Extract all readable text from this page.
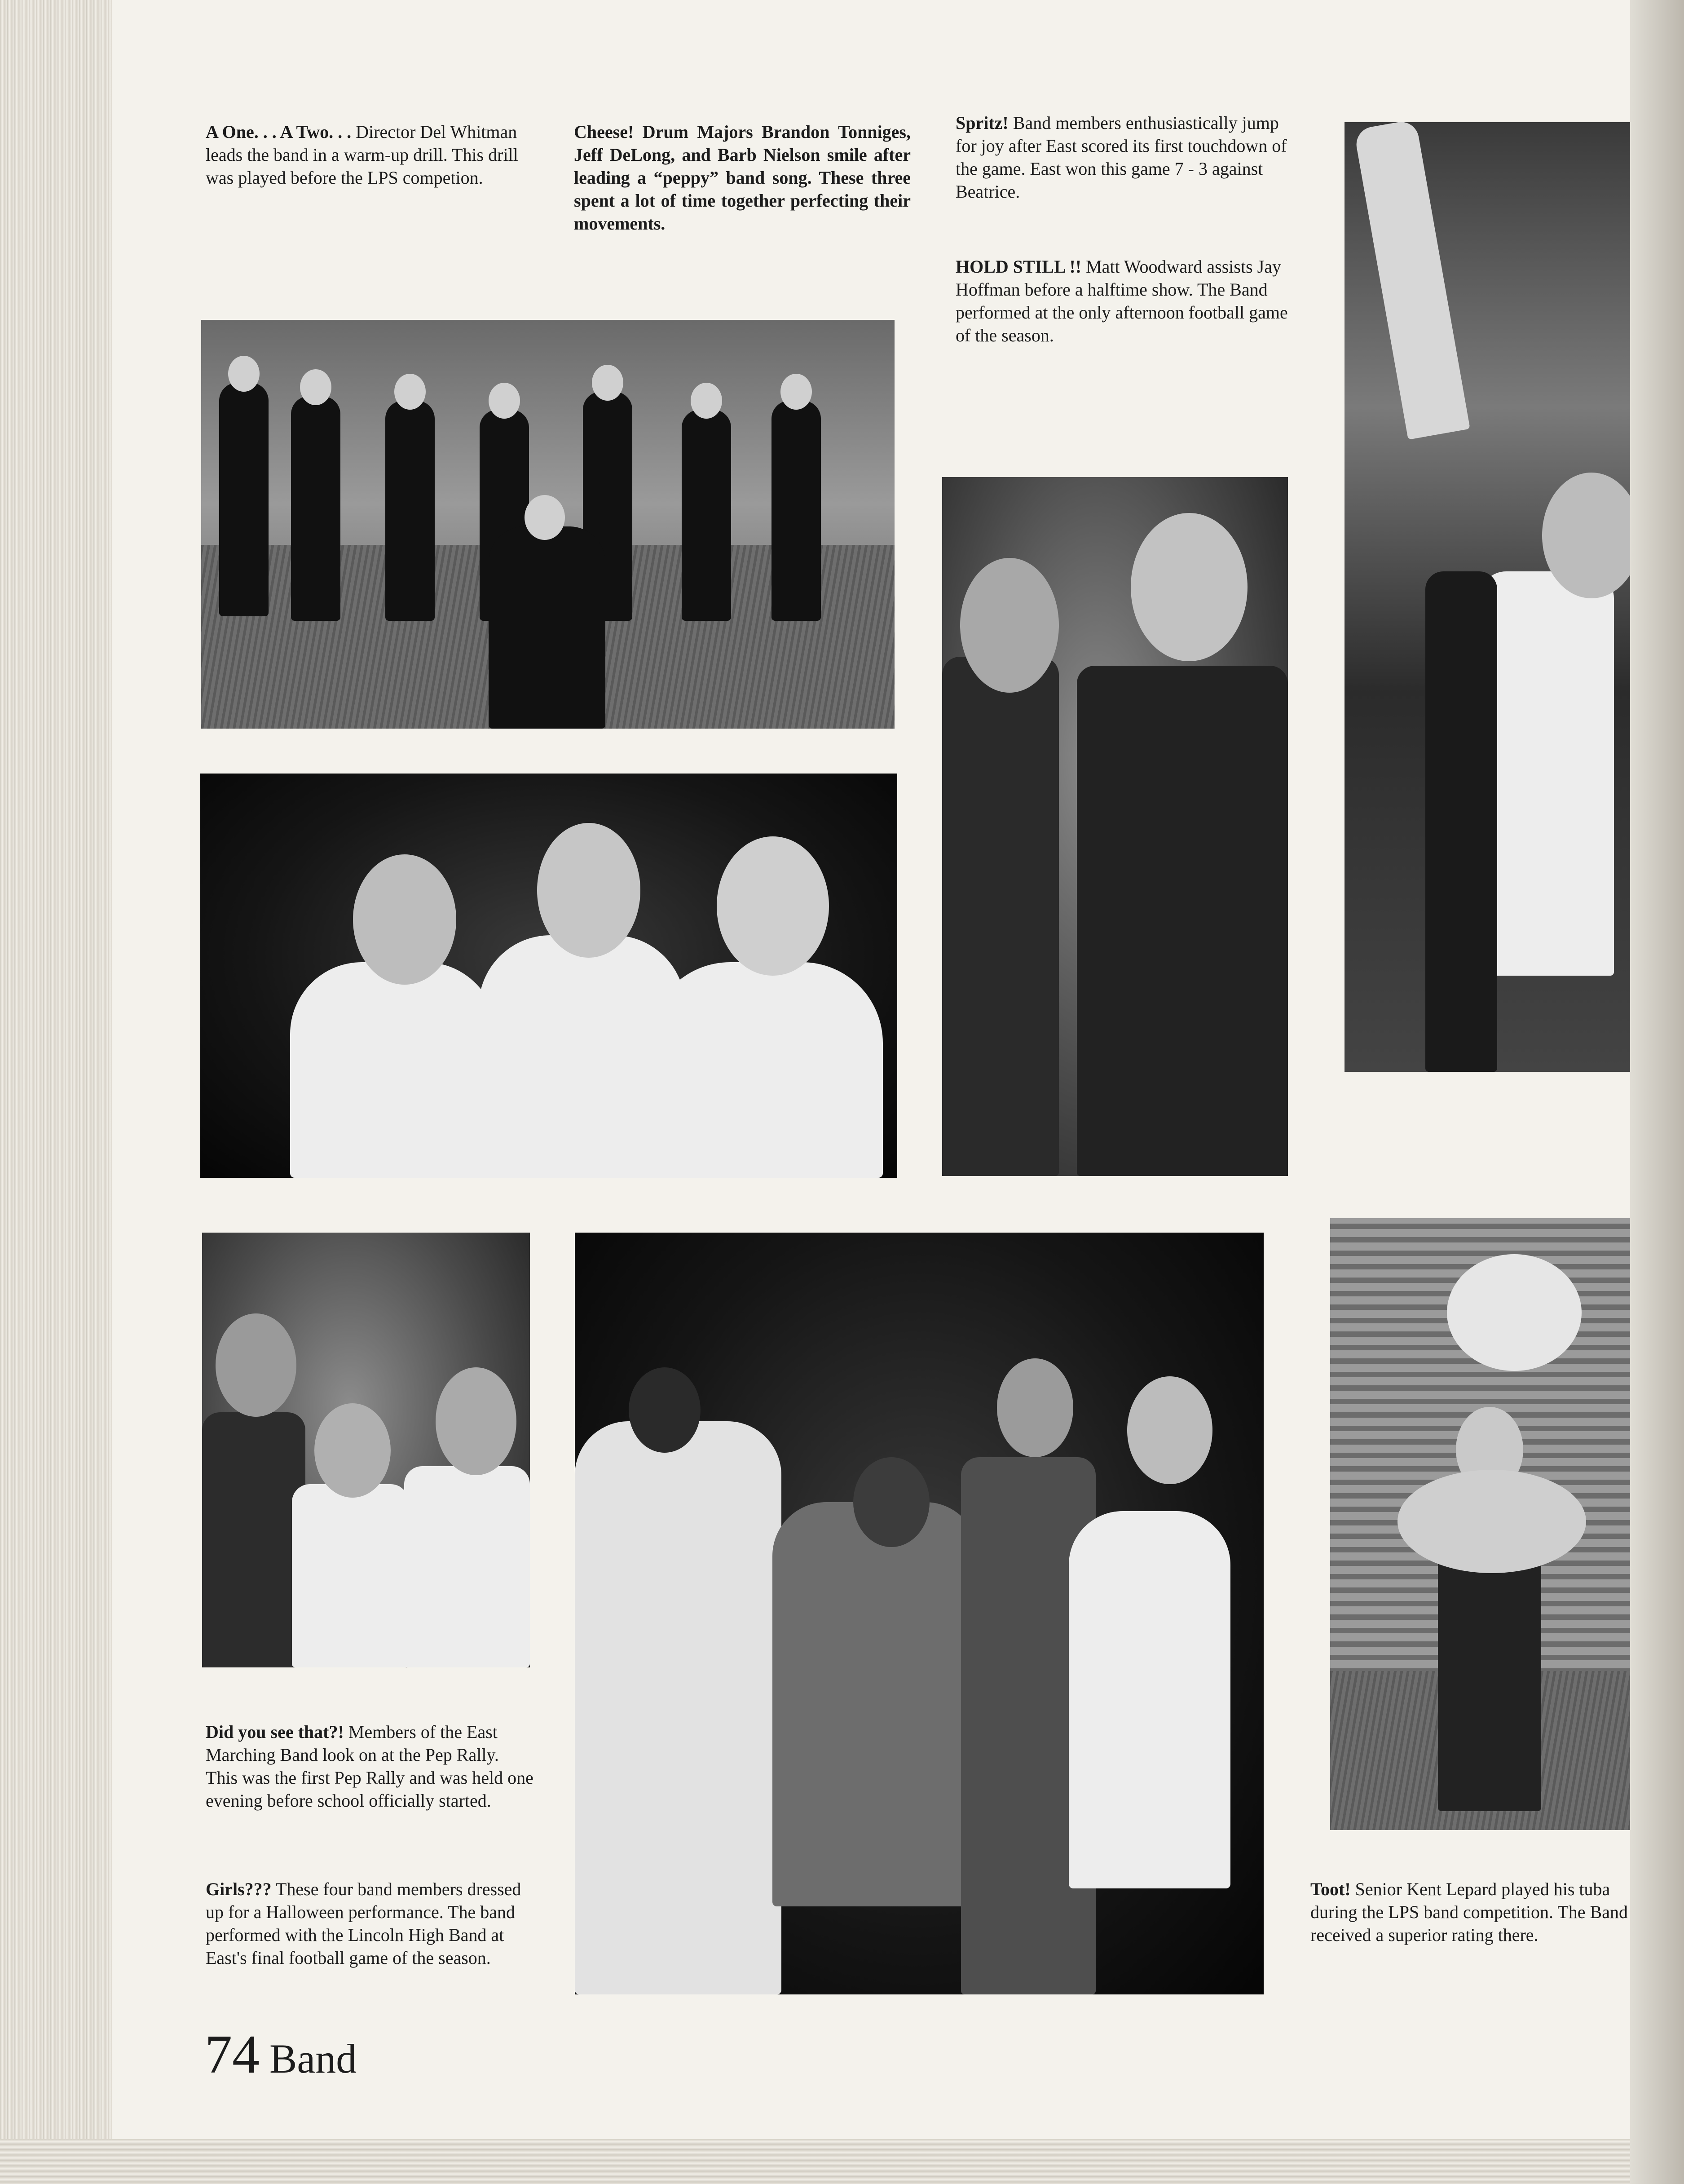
A One. . . A Two. . . Director Del Whitman leads the band in a warm-up drill. This drill was played before the LPS competion.
Cheese! Drum Majors Brandon Tonniges, Jeff DeLong, and Barb Nielson smile after leading a “peppy” band song. These three spent a lot of time together perfecting their movements.
Spritz! Band members enthusiastically jump for joy after East scored its first touchdown of the game. East won this game 7 - 3 against Beatrice.
HOLD STILL !! Matt Woodward assists Jay Hoffman before a halftime show. The Band performed at the only afternoon football game of the season.
Did you see that?! Members of the East Marching Band look on at the Pep Rally. This was the first Pep Rally and was held one evening before school officially started.
Girls??? These four band members dressed up for a Halloween performance. The band performed with the Lincoln High Band at East's final football game of the season.
Toot! Senior Kent Lepard played his tuba during the LPS band competition. The Band received a superior rating there.
74 Band
